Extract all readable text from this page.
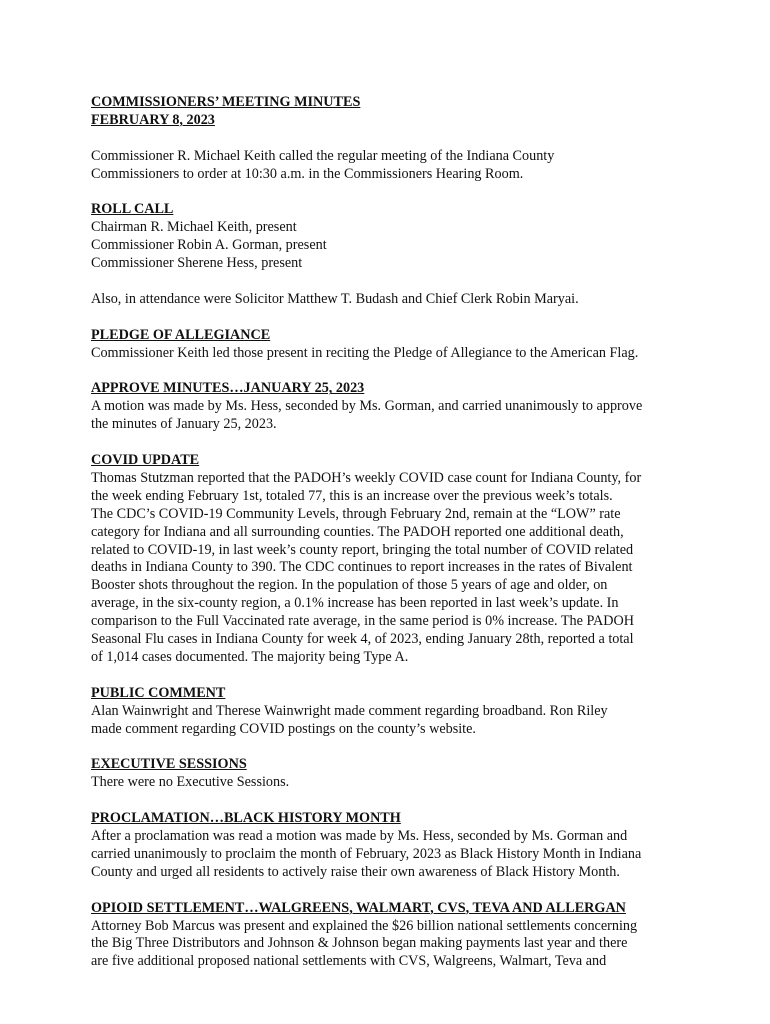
COMMISSIONERS’ MEETING MINUTES
FEBRUARY 8, 2023
Commissioner R. Michael Keith called the regular meeting of the Indiana County
Commissioners to order at 10:30 a.m. in the Commissioners Hearing Room.
ROLL CALL
Chairman R. Michael Keith, present
Commissioner Robin A. Gorman, present
Commissioner Sherene Hess, present
Also, in attendance were Solicitor Matthew T. Budash and Chief Clerk Robin Maryai.
PLEDGE OF ALLEGIANCE
Commissioner Keith led those present in reciting the Pledge of Allegiance to the American Flag.
APPROVE MINUTES…JANUARY 25, 2023
A motion was made by Ms. Hess, seconded by Ms. Gorman, and carried unanimously to approve
the minutes of January 25, 2023.
COVID UPDATE
Thomas Stutzman reported that the PADOH’s weekly COVID case count for Indiana County, for
the week ending February 1st, totaled 77, this is an increase over the previous week’s totals.
The CDC’s COVID-19 Community Levels, through February 2nd, remain at the “LOW” rate
category for Indiana and all surrounding counties. The PADOH reported one additional death,
related to COVID-19, in last week’s county report, bringing the total number of COVID related
deaths in Indiana County to 390. The CDC continues to report increases in the rates of Bivalent
Booster shots throughout the region. In the population of those 5 years of age and older, on
average, in the six-county region, a 0.1% increase has been reported in last week’s update. In
comparison to the Full Vaccinated rate average, in the same period is 0% increase. The PADOH
Seasonal Flu cases in Indiana County for week 4, of 2023, ending January 28th, reported a total
of 1,014 cases documented. The majority being Type A.
PUBLIC COMMENT
Alan Wainwright and Therese Wainwright made comment regarding broadband. Ron Riley
made comment regarding COVID postings on the county’s website.
EXECUTIVE SESSIONS
There were no Executive Sessions.
PROCLAMATION…BLACK HISTORY MONTH
After a proclamation was read a motion was made by Ms. Hess, seconded by Ms. Gorman and
carried unanimously to proclaim the month of February, 2023 as Black History Month in Indiana
County and urged all residents to actively raise their own awareness of Black History Month.
OPIOID SETTLEMENT…WALGREENS, WALMART, CVS, TEVA AND ALLERGAN
Attorney Bob Marcus was present and explained the $26 billion national settlements concerning
the Big Three Distributors and Johnson & Johnson began making payments last year and there
are five additional proposed national settlements with CVS, Walgreens, Walmart, Teva and
